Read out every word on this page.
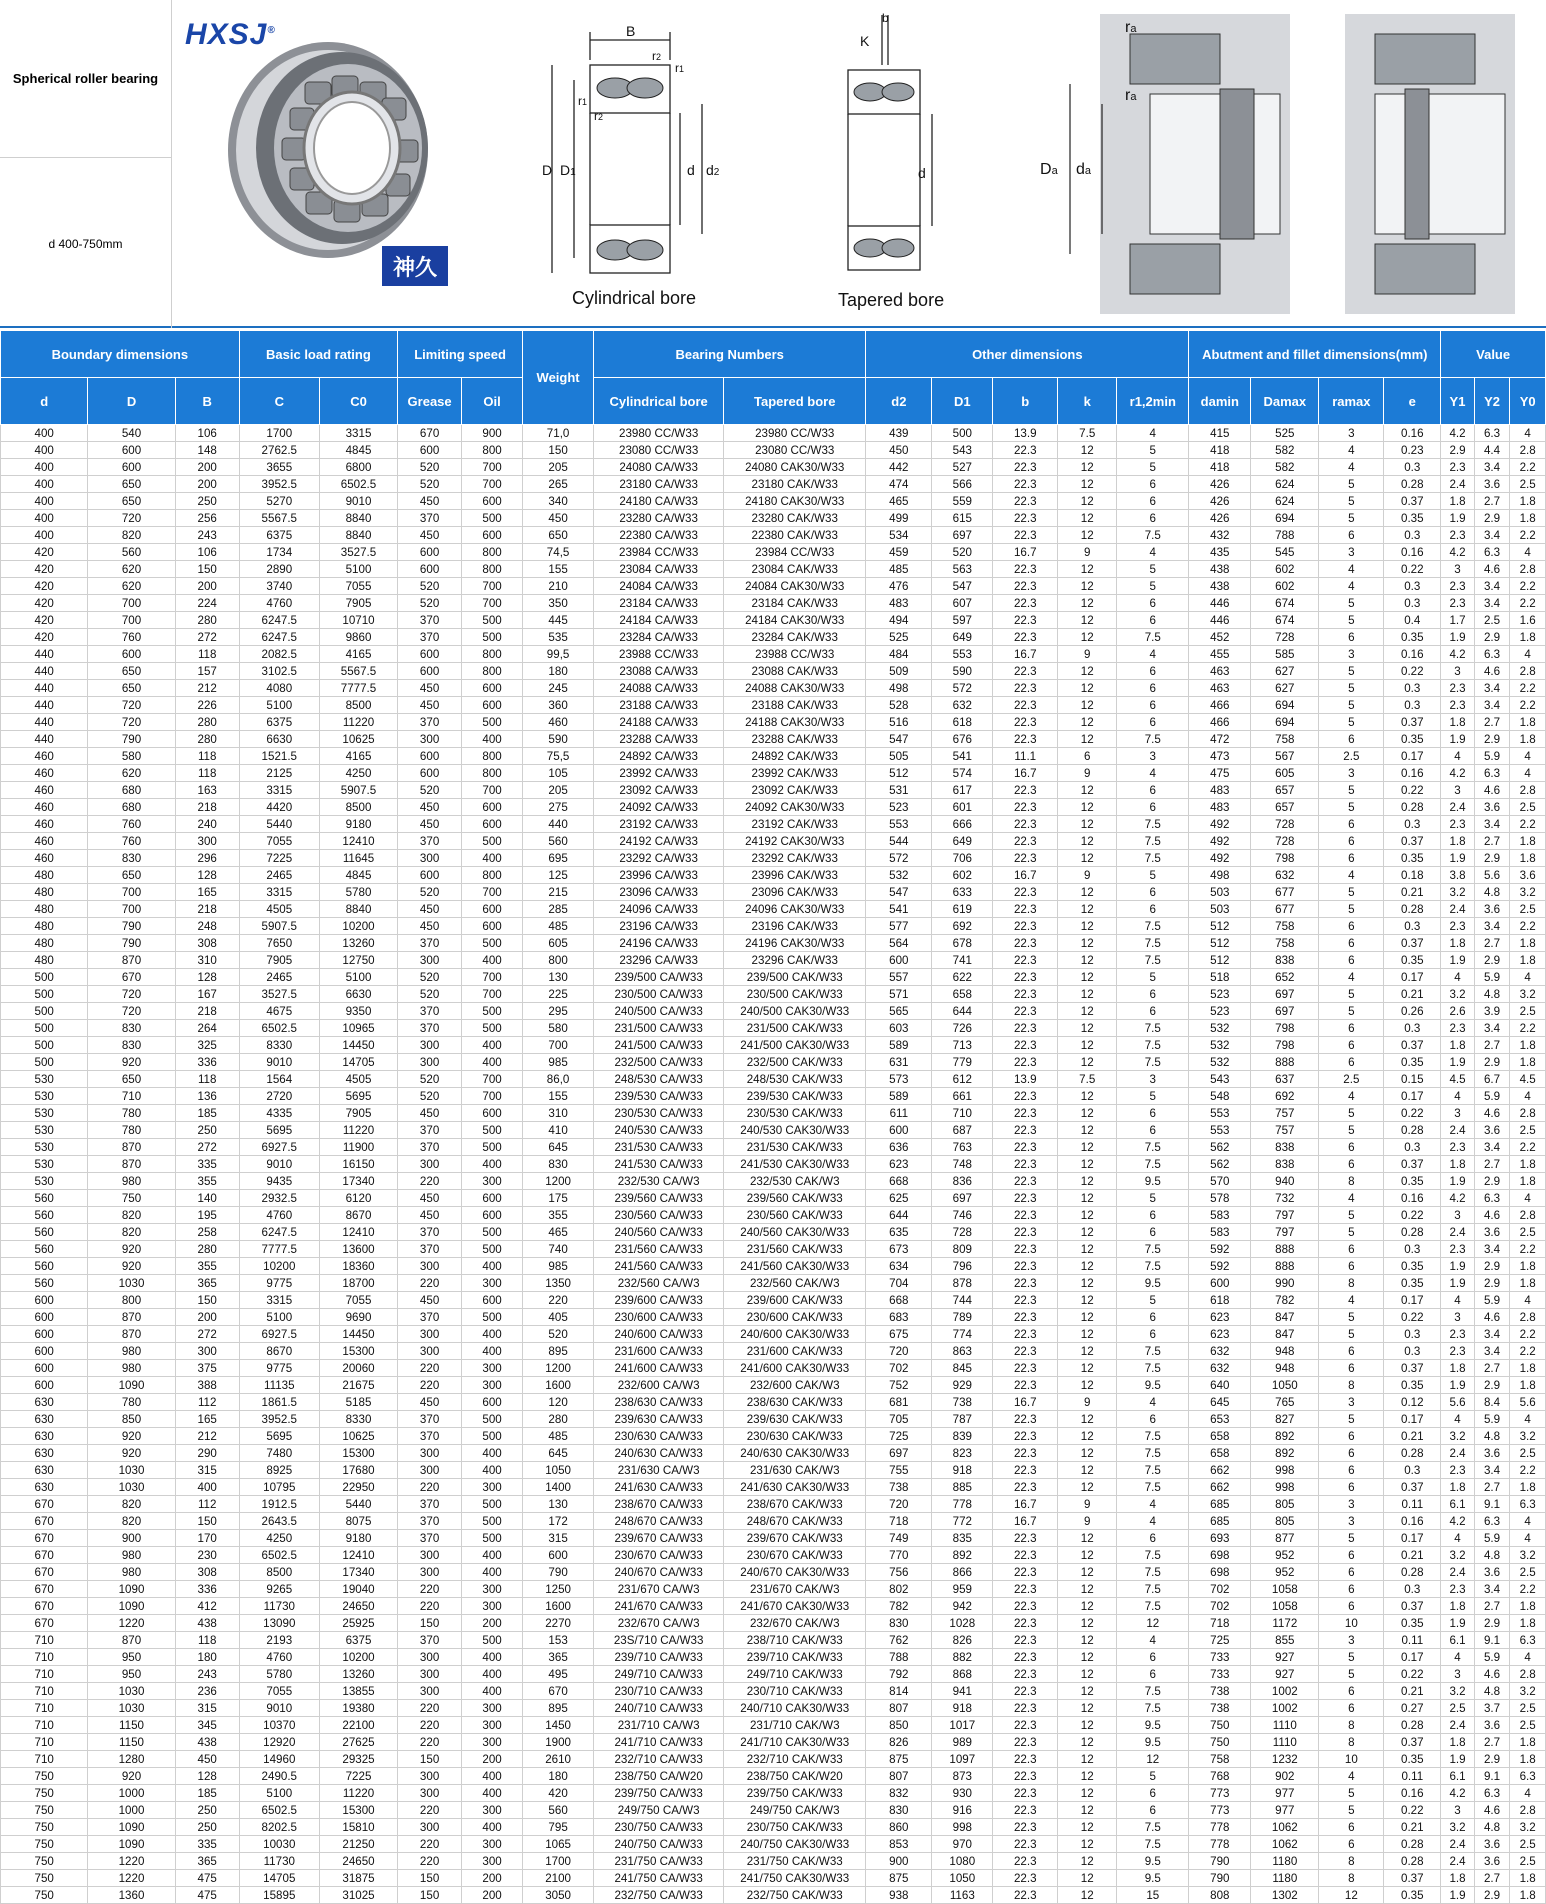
Spherical roller bearing
d 400-750mm
HXSJ®
神久
B
D D1	d d2
r2
r1
r1
r2
Cylindrical bore
b
K
d
Tapered bore
Da da
ra
ra
Boundary dimensions			Basic load rating		Limiting speed		Weight	Bearing Numbers		Other dimensions					Abutment and fillet dimensions(mm)				Value		
d	D	B	C	C0	Grease	Oil		Cylindrical bore	Tapered bore	d2	D1	b	k	r1,2min	damin	Damax	ramax	e	Y1	Y2	Y0
400	540	106	1700	3315	670	900	71,0	23980 CC/W33	23980 CC/W33	439	500	13.9	7.5	4	415	525	3	0.16	4.2	6.3	4
400	600	148	2762.5	4845	600	800	150	23080 CC/W33	23080 CC/W33	450	543	22.3	12	5	418	582	4	0.23	2.9	4.4	2.8
400	600	200	3655	6800	520	700	205	24080 CA/W33	24080 CAK30/W33	442	527	22.3	12	5	418	582	4	0.3	2.3	3.4	2.2
400	650	200	3952.5	6502.5	520	700	265	23180 CA/W33	23180 CAK/W33	474	566	22.3	12	6	426	624	5	0.28	2.4	3.6	2.5
400	650	250	5270	9010	450	600	340	24180 CA/W33	24180 CAK30/W33	465	559	22.3	12	6	426	624	5	0.37	1.8	2.7	1.8
400	720	256	5567.5	8840	370	500	450	23280 CA/W33	23280 CAK/W33	499	615	22.3	12	6	426	694	5	0.35	1.9	2.9	1.8
400	820	243	6375	8840	450	600	650	22380 CA/W33	22380 CAK/W33	534	697	22.3	12	7.5	432	788	6	0.3	2.3	3.4	2.2
420	560	106	1734	3527.5	600	800	74,5	23984 CC/W33	23984 CC/W33	459	520	16.7	9	4	435	545	3	0.16	4.2	6.3	4
420	620	150	2890	5100	600	800	155	23084 CA/W33	23084 CAK/W33	485	563	22.3	12	5	438	602	4	0.22	3	4.6	2.8
420	620	200	3740	7055	520	700	210	24084 CA/W33	24084 CAK30/W33	476	547	22.3	12	5	438	602	4	0.3	2.3	3.4	2.2
420	700	224	4760	7905	520	700	350	23184 CA/W33	23184 CAK/W33	483	607	22.3	12	6	446	674	5	0.3	2.3	3.4	2.2
420	700	280	6247.5	10710	370	500	445	24184 CA/W33	24184 CAK30/W33	494	597	22.3	12	6	446	674	5	0.4	1.7	2.5	1.6
420	760	272	6247.5	9860	370	500	535	23284 CA/W33	23284 CAK/W33	525	649	22.3	12	7.5	452	728	6	0.35	1.9	2.9	1.8
440	600	118	2082.5	4165	600	800	99,5	23988 CC/W33	23988 CC/W33	484	553	16.7	9	4	455	585	3	0.16	4.2	6.3	4
440	650	157	3102.5	5567.5	600	800	180	23088 CA/W33	23088 CAK/W33	509	590	22.3	12	6	463	627	5	0.22	3	4.6	2.8
440	650	212	4080	7777.5	450	600	245	24088 CA/W33	24088 CAK30/W33	498	572	22.3	12	6	463	627	5	0.3	2.3	3.4	2.2
440	720	226	5100	8500	450	600	360	23188 CA/W33	23188 CAK/W33	528	632	22.3	12	6	466	694	5	0.3	2.3	3.4	2.2
440	720	280	6375	11220	370	500	460	24188 CA/W33	24188 CAK30/W33	516	618	22.3	12	6	466	694	5	0.37	1.8	2.7	1.8
440	790	280	6630	10625	300	400	590	23288 CA/W33	23288 CAK/W33	547	676	22.3	12	7.5	472	758	6	0.35	1.9	2.9	1.8
460	580	118	1521.5	4165	600	800	75,5	24892 CA/W33	24892 CAK/W33	505	541	11.1	6	3	473	567	2.5	0.17	4	5.9	4
460	620	118	2125	4250	600	800	105	23992 CA/W33	23992 CAK/W33	512	574	16.7	9	4	475	605	3	0.16	4.2	6.3	4
460	680	163	3315	5907.5	520	700	205	23092 CA/W33	23092 CAK/W33	531	617	22.3	12	6	483	657	5	0.22	3	4.6	2.8
460	680	218	4420	8500	450	600	275	24092 CA/W33	24092 CAK30/W33	523	601	22.3	12	6	483	657	5	0.28	2.4	3.6	2.5
460	760	240	5440	9180	450	600	440	23192 CA/W33	23192 CAK/W33	553	666	22.3	12	7.5	492	728	6	0.3	2.3	3.4	2.2
460	760	300	7055	12410	370	500	560	24192 CA/W33	24192 CAK30/W33	544	649	22.3	12	7.5	492	728	6	0.37	1.8	2.7	1.8
460	830	296	7225	11645	300	400	695	23292 CA/W33	23292 CAK/W33	572	706	22.3	12	7.5	492	798	6	0.35	1.9	2.9	1.8
480	650	128	2465	4845	600	800	125	23996 CA/W33	23996 CAK/W33	532	602	16.7	9	5	498	632	4	0.18	3.8	5.6	3.6
480	700	165	3315	5780	520	700	215	23096 CA/W33	23096 CAK/W33	547	633	22.3	12	6	503	677	5	0.21	3.2	4.8	3.2
480	700	218	4505	8840	450	600	285	24096 CA/W33	24096 CAK30/W33	541	619	22.3	12	6	503	677	5	0.28	2.4	3.6	2.5
480	790	248	5907.5	10200	450	600	485	23196 CA/W33	23196 CAK/W33	577	692	22.3	12	7.5	512	758	6	0.3	2.3	3.4	2.2
480	790	308	7650	13260	370	500	605	24196 CA/W33	24196 CAK30/W33	564	678	22.3	12	7.5	512	758	6	0.37	1.8	2.7	1.8
480	870	310	7905	12750	300	400	800	23296 CA/W33	23296 CAK/W33	600	741	22.3	12	7.5	512	838	6	0.35	1.9	2.9	1.8
500	670	128	2465	5100	520	700	130	239/500 CA/W33	239/500 CAK/W33	557	622	22.3	12	5	518	652	4	0.17	4	5.9	4
500	720	167	3527.5	6630	520	700	225	230/500 CA/W33	230/500 CAK/W33	571	658	22.3	12	6	523	697	5	0.21	3.2	4.8	3.2
500	720	218	4675	9350	370	500	295	240/500 CA/W33	240/500 CAK30/W33	565	644	22.3	12	6	523	697	5	0.26	2.6	3.9	2.5
500	830	264	6502.5	10965	370	500	580	231/500 CA/W33	231/500 CAK/W33	603	726	22.3	12	7.5	532	798	6	0.3	2.3	3.4	2.2
500	830	325	8330	14450	300	400	700	241/500 CA/W33	241/500 CAK30/W33	589	713	22.3	12	7.5	532	798	6	0.37	1.8	2.7	1.8
500	920	336	9010	14705	300	400	985	232/500 CA/W33	232/500 CAK/W33	631	779	22.3	12	7.5	532	888	6	0.35	1.9	2.9	1.8
530	650	118	1564	4505	520	700	86,0	248/530 CA/W33	248/530 CAK/W33	573	612	13.9	7.5	3	543	637	2.5	0.15	4.5	6.7	4.5
530	710	136	2720	5695	520	700	155	239/530 CA/W33	239/530 CAK/W33	589	661	22.3	12	5	548	692	4	0.17	4	5.9	4
530	780	185	4335	7905	450	600	310	230/530 CA/W33	230/530 CAK/W33	611	710	22.3	12	6	553	757	5	0.22	3	4.6	2.8
530	780	250	5695	11220	370	500	410	240/530 CA/W33	240/530 CAK30/W33	600	687	22.3	12	6	553	757	5	0.28	2.4	3.6	2.5
530	870	272	6927.5	11900	370	500	645	231/530 CA/W33	231/530 CAK/W33	636	763	22.3	12	7.5	562	838	6	0.3	2.3	3.4	2.2
530	870	335	9010	16150	300	400	830	241/530 CA/W33	241/530 CAK30/W33	623	748	22.3	12	7.5	562	838	6	0.37	1.8	2.7	1.8
530	980	355	9435	17340	220	300	1200	232/530 CA/W3	232/530 CAK/W3	668	836	22.3	12	9.5	570	940	8	0.35	1.9	2.9	1.8
560	750	140	2932.5	6120	450	600	175	239/560 CA/W33	239/560 CAK/W33	625	697	22.3	12	5	578	732	4	0.16	4.2	6.3	4
560	820	195	4760	8670	450	600	355	230/560 CA/W33	230/560 CAK/W33	644	746	22.3	12	6	583	797	5	0.22	3	4.6	2.8
560	820	258	6247.5	12410	370	500	465	240/560 CA/W33	240/560 CAK30/W33	635	728	22.3	12	6	583	797	5	0.28	2.4	3.6	2.5
560	920	280	7777.5	13600	370	500	740	231/560 CA/W33	231/560 CAK/W33	673	809	22.3	12	7.5	592	888	6	0.3	2.3	3.4	2.2
560	920	355	10200	18360	300	400	985	241/560 CA/W33	241/560 CAK30/W33	634	796	22.3	12	7.5	592	888	6	0.35	1.9	2.9	1.8
560	1030	365	9775	18700	220	300	1350	232/560 CA/W3	232/560 CAK/W3	704	878	22.3	12	9.5	600	990	8	0.35	1.9	2.9	1.8
600	800	150	3315	7055	450	600	220	239/600 CA/W33	239/600 CAK/W33	668	744	22.3	12	5	618	782	4	0.17	4	5.9	4
600	870	200	5100	9690	370	500	405	230/600 CA/W33	230/600 CAK/W33	683	789	22.3	12	6	623	847	5	0.22	3	4.6	2.8
600	870	272	6927.5	14450	300	400	520	240/600 CA/W33	240/600 CAK30/W33	675	774	22.3	12	6	623	847	5	0.3	2.3	3.4	2.2
600	980	300	8670	15300	300	400	895	231/600 CA/W33	231/600 CAK/W33	720	863	22.3	12	7.5	632	948	6	0.3	2.3	3.4	2.2
600	980	375	9775	20060	220	300	1200	241/600 CA/W33	241/600 CAK30/W33	702	845	22.3	12	7.5	632	948	6	0.37	1.8	2.7	1.8
600	1090	388	11135	21675	220	300	1600	232/600 CA/W3	232/600 CAK/W3	752	929	22.3	12	9.5	640	1050	8	0.35	1.9	2.9	1.8
630	780	112	1861.5	5185	450	600	120	238/630 CA/W33	238/630 CAK/W33	681	738	16.7	9	4	645	765	3	0.12	5.6	8.4	5.6
630	850	165	3952.5	8330	370	500	280	239/630 CA/W33	239/630 CAK/W33	705	787	22.3	12	6	653	827	5	0.17	4	5.9	4
630	920	212	5695	10625	370	500	485	230/630 CA/W33	230/630 CAK/W33	725	839	22.3	12	7.5	658	892	6	0.21	3.2	4.8	3.2
630	920	290	7480	15300	300	400	645	240/630 CA/W33	240/630 CAK30/W33	697	823	22.3	12	7.5	658	892	6	0.28	2.4	3.6	2.5
630	1030	315	8925	17680	300	400	1050	231/630 CA/W3	231/630 CAK/W3	755	918	22.3	12	7.5	662	998	6	0.3	2.3	3.4	2.2
630	1030	400	10795	22950	220	300	1400	241/630 CA/W33	241/630 CAK30/W33	738	885	22.3	12	7.5	662	998	6	0.37	1.8	2.7	1.8
670	820	112	1912.5	5440	370	500	130	238/670 CA/W33	238/670 CAK/W33	720	778	16.7	9	4	685	805	3	0.11	6.1	9.1	6.3
670	820	150	2643.5	8075	370	500	172	248/670 CA/W33	248/670 CAK/W33	718	772	16.7	9	4	685	805	3	0.16	4.2	6.3	4
670	900	170	4250	9180	370	500	315	239/670 CA/W33	239/670 CAK/W33	749	835	22.3	12	6	693	877	5	0.17	4	5.9	4
670	980	230	6502.5	12410	300	400	600	230/670 CA/W33	230/670 CAK/W33	770	892	22.3	12	7.5	698	952	6	0.21	3.2	4.8	3.2
670	980	308	8500	17340	300	400	790	240/670 CA/W33	240/670 CAK30/W33	756	866	22.3	12	7.5	698	952	6	0.28	2.4	3.6	2.5
670	1090	336	9265	19040	220	300	1250	231/670 CA/W3	231/670 CAK/W3	802	959	22.3	12	7.5	702	1058	6	0.3	2.3	3.4	2.2
670	1090	412	11730	24650	220	300	1600	241/670 CA/W33	241/670 CAK30/W33	782	942	22.3	12	7.5	702	1058	6	0.37	1.8	2.7	1.8
670	1220	438	13090	25925	150	200	2270	232/670 CA/W3	232/670 CAK/W3	830	1028	22.3	12	12	718	1172	10	0.35	1.9	2.9	1.8
710	870	118	2193	6375	370	500	153	23S/710 CA/W33	238/710 CAK/W33	762	826	22.3	12	4	725	855	3	0.11	6.1	9.1	6.3
710	950	180	4760	10200	300	400	365	239/710 CA/W33	239/710 CAK/W33	788	882	22.3	12	6	733	927	5	0.17	4	5.9	4
710	950	243	5780	13260	300	400	495	249/710 CA/W33	249/710 CAK/W33	792	868	22.3	12	6	733	927	5	0.22	3	4.6	2.8
710	1030	236	7055	13855	300	400	670	230/710 CA/W33	230/710 CAK/W33	814	941	22.3	12	7.5	738	1002	6	0.21	3.2	4.8	3.2
710	1030	315	9010	19380	220	300	895	240/710 CA/W33	240/710 CAK30/W33	807	918	22.3	12	7.5	738	1002	6	0.27	2.5	3.7	2.5
710	1150	345	10370	22100	220	300	1450	231/710 CA/W3	231/710 CAK/W3	850	1017	22.3	12	9.5	750	1110	8	0.28	2.4	3.6	2.5
710	1150	438	12920	27625	220	300	1900	241/710 CA/W33	241/710 CAK30/W33	826	989	22.3	12	9.5	750	1110	8	0.37	1.8	2.7	1.8
710	1280	450	14960	29325	150	200	2610	232/710 CA/W33	232/710 CAK/W33	875	1097	22.3	12	12	758	1232	10	0.35	1.9	2.9	1.8
750	920	128	2490.5	7225	300	400	180	238/750 CA/W20	238/750 CAK/W20	807	873	22.3	12	5	768	902	4	0.11	6.1	9.1	6.3
750	1000	185	5100	11220	300	400	420	239/750 CA/W33	239/750 CAK/W33	832	930	22.3	12	6	773	977	5	0.16	4.2	6.3	4
750	1000	250	6502.5	15300	220	300	560	249/750 CA/W3	249/750 CAK/W3	830	916	22.3	12	6	773	977	5	0.22	3	4.6	2.8
750	1090	250	8202.5	15810	300	400	795	230/750 CA/W33	230/750 CAK/W33	860	998	22.3	12	7.5	778	1062	6	0.21	3.2	4.8	3.2
750	1090	335	10030	21250	220	300	1065	240/750 CA/W33	240/750 CAK30/W33	853	970	22.3	12	7.5	778	1062	6	0.28	2.4	3.6	2.5
750	1220	365	11730	24650	220	300	1700	231/750 CA/W33	231/750 CAK/W33	900	1080	22.3	12	9.5	790	1180	8	0.28	2.4	3.6	2.5
750	1220	475	14705	31875	150	200	2100	241/750 CA/W33	241/750 CAK30/W33	875	1050	22.3	12	9.5	790	1180	8	0.37	1.8	2.7	1.8
750	1360	475	15895	31025	150	200	3050	232/750 CA/W33	232/750 CAK/W33	938	1163	22.3	12	15	808	1302	12	0.35	1.9	2.9	1.8
